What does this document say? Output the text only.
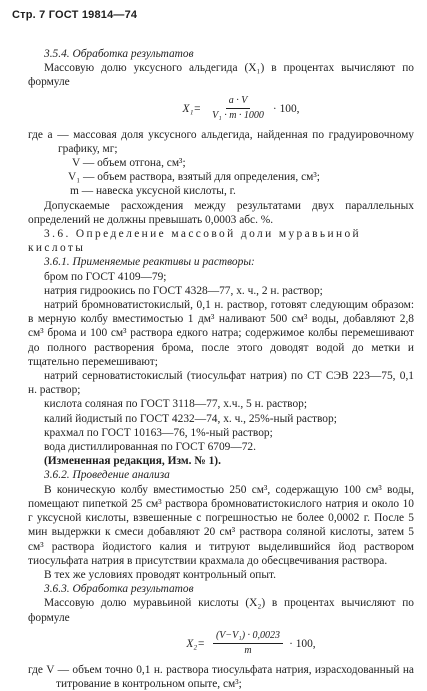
Стр. 7 ГОСТ 19814—74

3.5.4. Обработка результатов

Массовую долю уксусного альдегида (X₁) в процентах вычисляют по формуле

$X_1= \frac{a \cdot V}{\text{V₁ · m · 1000}} \cdot 100$,

где a — массовая доля уксусного альдегида, найденная по градуировочному графику, мг;

V — объем отгона, см³;

V₁ — объем раствора, взятый для определения, см³;

m — навеска уксусной кислоты, г.

Допускаемые расхождения между результатами двух параллельных определений не должны превышать 0,0003 абс. %.

3.6. Определение массовой доли муравьиной

кислоты

3.6.1. Применяемые реактивы и растворы:

бром по ГОСТ 4109—79;

натрия гидроокись по ГОСТ 4328—77, х. ч., 2 н. раствор;

натрий бромноватистокислый, 0,1 н. раствор, готовят следующим образом: в мерную колбу вместимостью 1 дм³ наливают 500 см³ воды, добавляют 2,8 см³ брома и 100 см³ раствора едкого натра; содержимое колбы перемешивают до полного растворения брома, после этого доводят водой до метки и тщательно перемешивают;

натрий серноватистокислый (тиосульфат натрия) по СТ СЭВ 223—75, 0,1 н. раствор;

кислота соляная по ГОСТ 3118—77, х.ч., 5 н. раствор;

калий йодистый по ГОСТ 4232—74, х. ч., 25%-ный раствор;

крахмал по ГОСТ 10163—76, 1%-ный раствор;

вода дистиллированная по ГОСТ 6709—72.

(Измененная редакция, Изм. № 1).

3.6.2. Проведение анализа

В коническую колбу вместимостью 250 см³, содержащую 100 см³ воды, помещают пипеткой 25 см³ раствора бромноватистокислого натрия и около 10 г уксусной кислоты, взвешенные с погрешностью не более 0,0002 г. После 5 мин выдержки к смеси добавляют 20 см³ раствора соляной кислоты, затем 5 см³ раствора йодистого калия и титруют выделившийся йод раствором тиосульфата натрия в присутствии крахмала до обесцвечивания раствора.

В тех же условиях проводят контрольный опыт.

3.6.3. Обработка результатов

Массовую долю муравьиной кислоты (X₂) в процентах вычисляют по формуле

$X_2= \frac{\text{(V−V₁) · 0,0023}}{m} \cdot 100$,

где V — объем точно 0,1 н. раствора тиосульфата натрия, израсходованный на титрование в контрольном опыте, см³;
